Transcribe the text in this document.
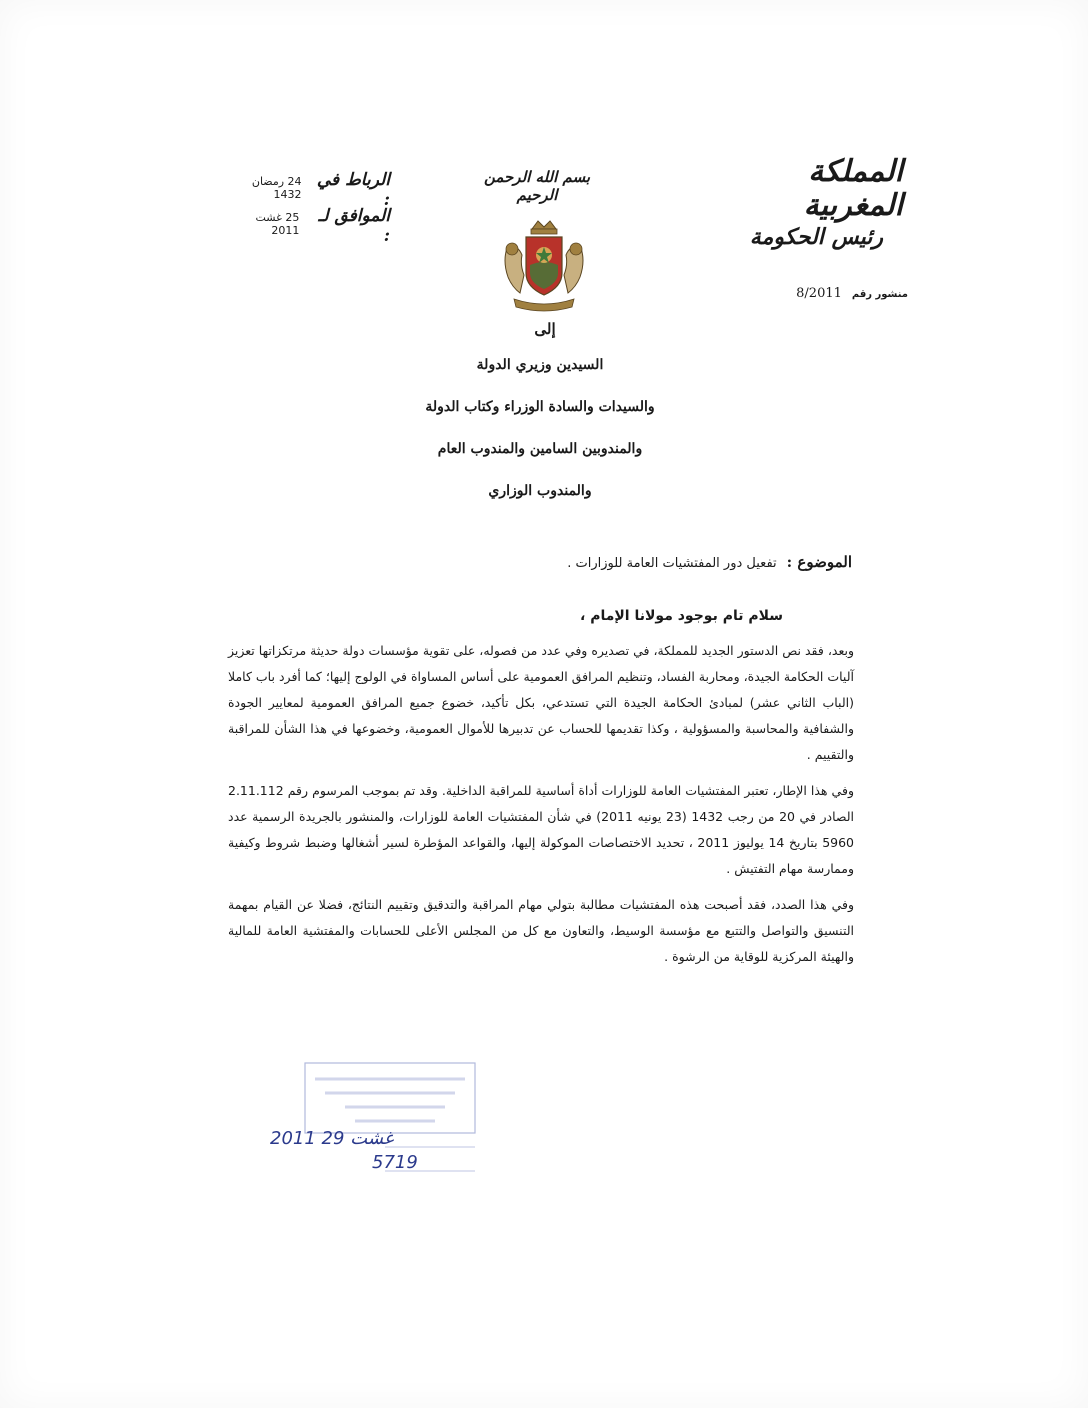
المملكة المغربية
رئيس الحكومة
بسم الله الرحمن الرحيم
الرباط في :
24 رمضان 1432
الموافق لـ :
25 غشت 2011
منشور رقم
8/2011
إلى
السيدين وزيري الدولة
والسيدات والسادة الوزراء وكتاب الدولة
والمندوبين السامين والمندوب العام
والمندوب الوزاري
الموضوع :
تفعيل دور المفتشيات العامة للوزارات .
سلام تام بوجود مولانا الإمام ،

وبعد، فقد نص الدستور الجديد للمملكة، في تصديره وفي عدد من فصوله، على تقوية مؤسسات دولة حديثة مرتكزاتها تعزيز آليات الحكامة الجيدة، ومحاربة الفساد، وتنظيم المرافق العمومية على أساس المساواة في الولوج إليها؛ كما أفرد باب كاملا (الباب الثاني عشر) لمبادئ الحكامة الجيدة التي تستدعي، بكل تأكيد، خضوع جميع المرافق العمومية لمعايير الجودة والشفافية والمحاسبة والمسؤولية ، وكذا تقديمها للحساب عن تدبيرها للأموال العمومية، وخضوعها في هذا الشأن للمراقبة والتقييم .

وفي هذا الإطار، تعتبر المفتشيات العامة للوزارات أداة أساسية للمراقبة الداخلية. وقد تم بموجب المرسوم رقم 2.11.112 الصادر في 20 من رجب 1432 (23 يونيه 2011) في شأن المفتشيات العامة للوزارات، والمنشور بالجريدة الرسمية عدد 5960 بتاريخ 14 يوليوز 2011 ، تحديد الاختصاصات الموكولة إليها، والقواعد المؤطرة لسير أشغالها وضبط شروط وكيفية وممارسة مهام التفتيش .

وفي هذا الصدد، فقد أصبحت هذه المفتشيات مطالبة بتولي مهام المراقبة والتدقيق وتقييم النتائج، فضلا عن القيام بمهمة التنسيق والتواصل والتتبع مع مؤسسة الوسيط، والتعاون مع كل من المجلس الأعلى للحسابات والمفتشية العامة للمالية والهيئة المركزية للوقاية من الرشوة .

2011 غشت 29
5719
